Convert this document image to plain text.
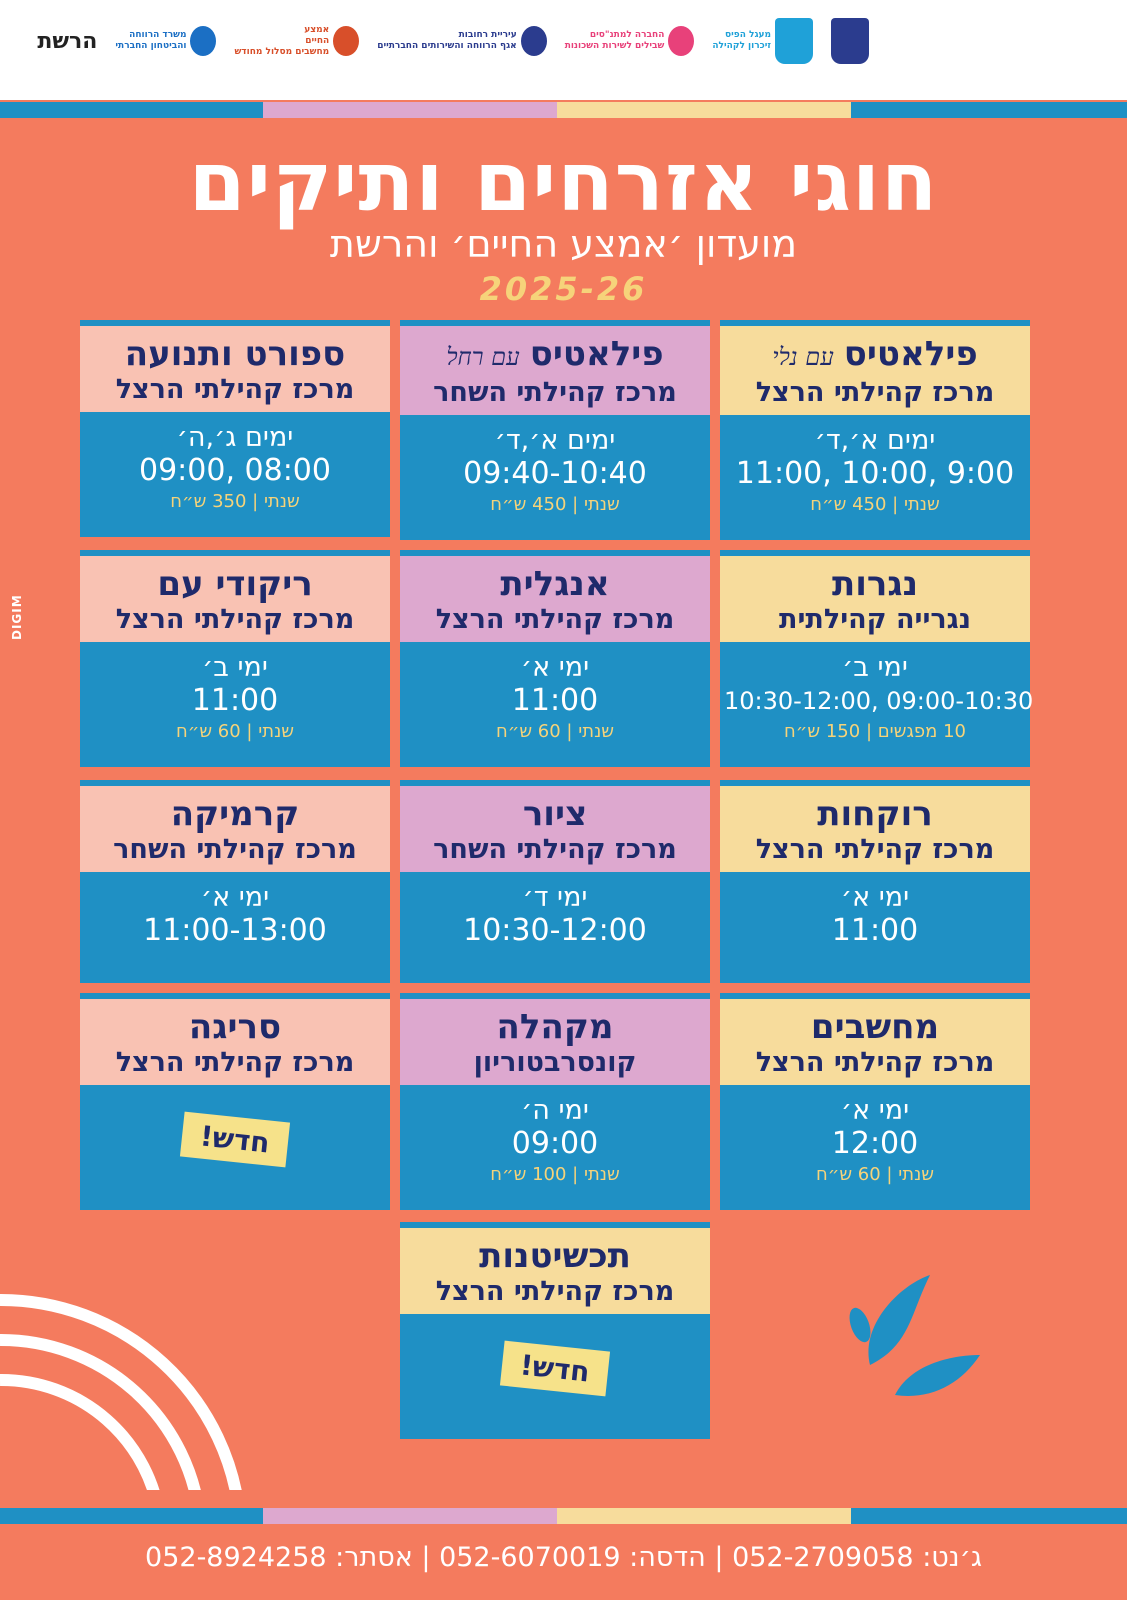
מעגל הפיס
זיכרון לקהילה
החברה למתנ"סים
שבילים לשירות השכונות
עיריית רחובות
אגף הרווחה והשירותים החברתיים
אמצע
החיים
מחשבים מסלול מחודש
משרד הרווחה
והביטחון החברתי
הרשת
חוגי אזרחים ותיקים
מועדון ׳אמצע החיים׳ והרשת
2025-26
פילאטיסעם נלי
מרכז קהילתי הרצל
ימים א׳,ד׳
11:00, 10:00, 9:00
שנתי | 450 ש״ח
פילאטיסעם רחל
מרכז קהילתי השחר
ימים א׳,ד׳
09:40-10:40
שנתי | 450 ש״ח
ספורט ותנועה
מרכז קהילתי הרצל
ימים ג׳,ה׳
09:00, 08:00
שנתי | 350 ש״ח
נגרות
נגרייה קהילתית
ימי ב׳
10:30-12:00, 09:00-10:30
10 מפגשים | 150 ש״ח
אנגלית
מרכז קהילתי הרצל
ימי א׳
11:00
שנתי | 60 ש״ח
ריקודי עם
מרכז קהילתי הרצל
ימי ב׳
11:00
שנתי | 60 ש״ח
רוקחות
מרכז קהילתי הרצל
ימי א׳
11:00
ציור
מרכז קהילתי השחר
ימי ד׳
10:30-12:00
קרמיקה
מרכז קהילתי השחר
ימי א׳
11:00-13:00
מחשבים
מרכז קהילתי הרצל
ימי א׳
12:00
שנתי | 60 ש״ח
מקהלה
קונסרבטוריון
ימי ה׳
09:00
שנתי | 100 ש״ח
סריגה
מרכז קהילתי הרצל
חדש!
תכשיטנות
מרכז קהילתי הרצל
חדש!
DIGIM
ג׳נט: 052-2709058 | הדסה: 052-6070019 | אסתר: 052-8924258
